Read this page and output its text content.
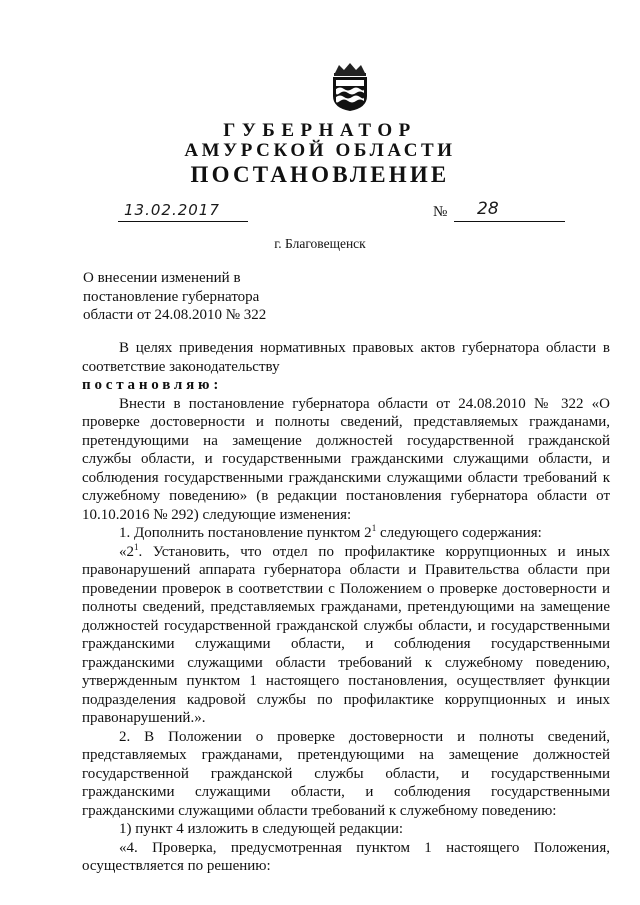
ГУБЕРНАТОР
АМУРСКОЙ ОБЛАСТИ
ПОСТАНОВЛЕНИЕ
13.02.2017	№ 28
г. Благовещенск
О внесении изменений в
постановление губернатора
области от 24.08.2010 № 322

В целях приведения нормативных правовых актов губернатора области в соответствие законодательству

постановляю:

Внести в постановление губернатора области от 24.08.2010 № 322 «О проверке достоверности и полноты сведений, представляемых гражданами, претендующими на замещение должностей государственной гражданской службы области, и государственными гражданскими служащими области, и соблюдения государственными гражданскими служащими области требований к служебному поведению» (в редакции постановления губернатора области от 10.10.2016 № 292) следующие изменения:

1. Дополнить постановление пунктом $2^1$ следующего содержания:

«$2^1$. Установить, что отдел по профилактике коррупционных и иных правонарушений аппарата губернатора области и Правительства области при проведении проверок в соответствии с Положением о проверке достоверности и полноты сведений, представляемых гражданами, претендующими на замещение должностей государственной гражданской службы области, и государственными гражданскими служащими области, и соблюдения государственными гражданскими служащими области требований к служебному поведению, утвержденным пунктом 1 настоящего постановления, осуществляет функции подразделения кадровой службы по профилактике коррупционных и иных правонарушений.».

2. В Положении о проверке достоверности и полноты сведений, представляемых гражданами, претендующими на замещение должностей государственной гражданской службы области, и государственными гражданскими служащими области, и соблюдения государственными гражданскими служащими области требований к служебному поведению:

1) пункт 4 изложить в следующей редакции:

«4. Проверка, предусмотренная пунктом 1 настоящего Положения, осуществляется по решению:
